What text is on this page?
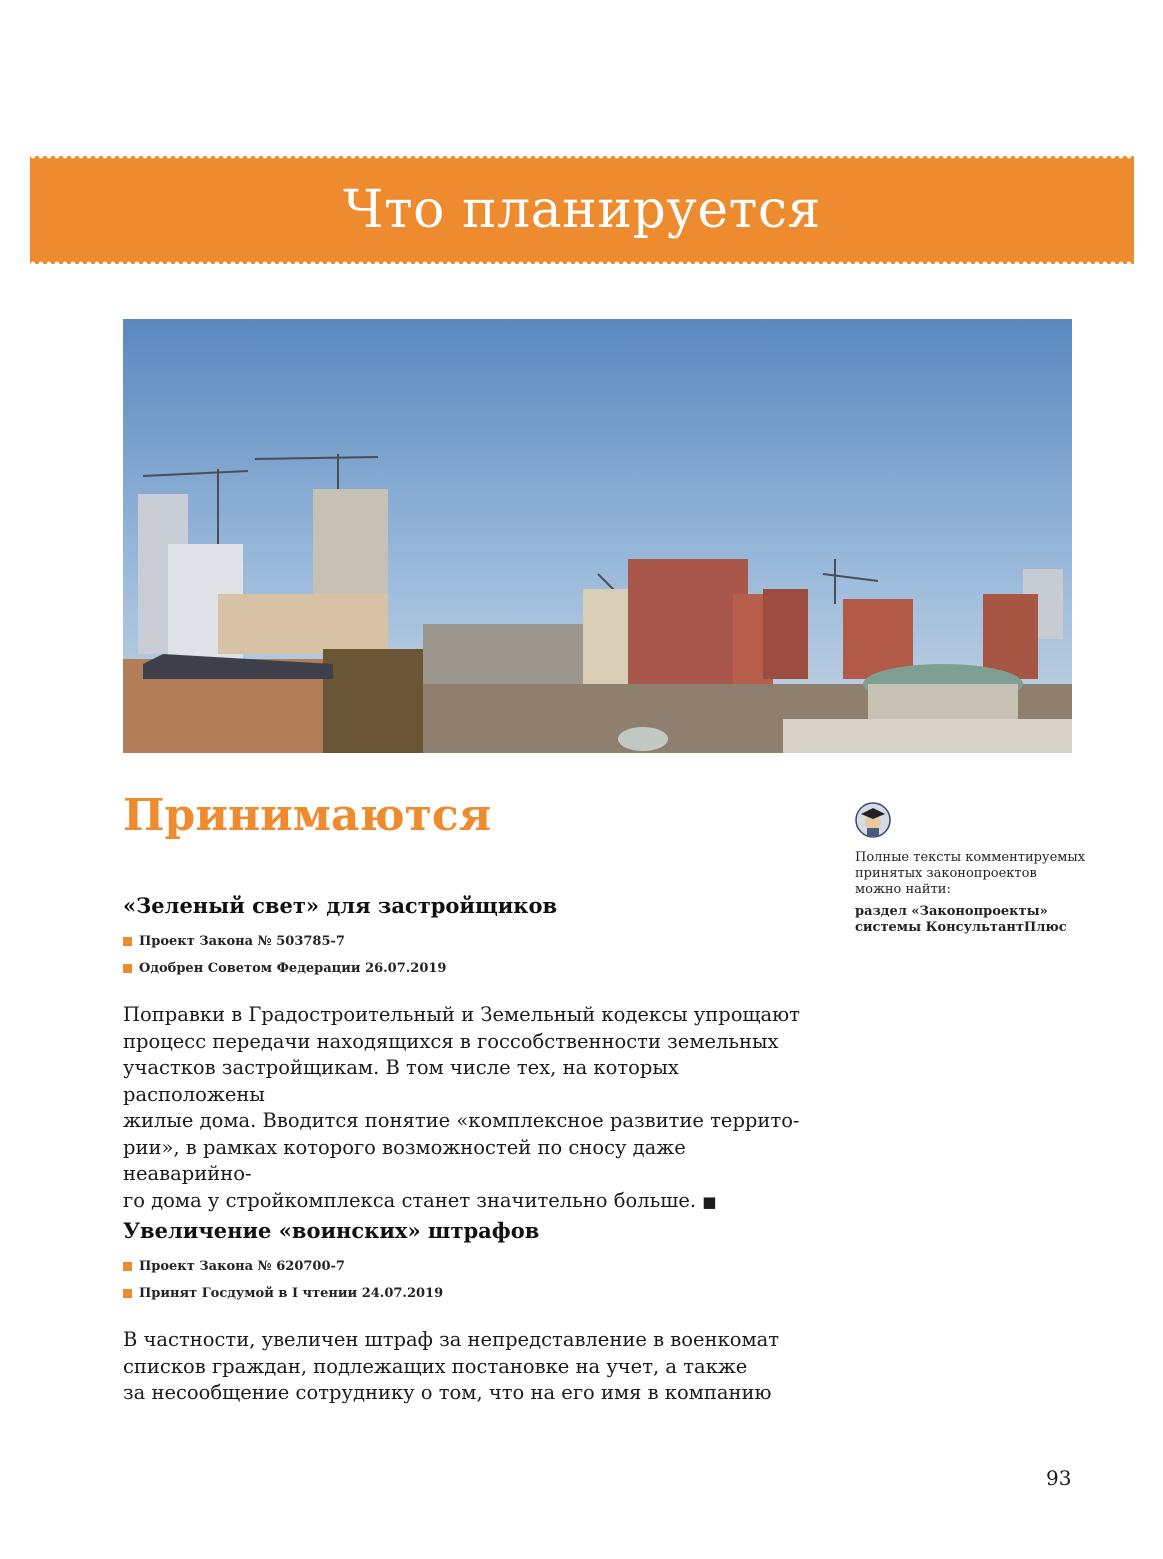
Что планируется
Принимаются
«Зеленый свет» для застройщиков
Проект Закона № 503785-7
Одобрен Советом Федерации 26.07.2019

Поправки в Градостроительный и Земельный кодексы упрощают
процесс передачи находящихся в госсобственности земельных
участков застройщикам. В том числе тех, на которых расположены
жилые дома. Вводится понятие «комплексное развитие террито-
рии», в рамках которого возможностей по сносу даже неаварийно-
го дома у стройкомплекса станет значительно больше. ■

Увеличение «воинских» штрафов
Проект Закона № 620700-7
Принят Госдумой в I чтении 24.07.2019

В частности, увеличен штраф за непредставление в военкомат
списков граждан, подлежащих постановке на учет, а также
за несообщение сотруднику о том, что на его имя в компанию

Полные тексты комментируемых
принятых законопроектов
можно найти:

раздел «Законопроекты»
системы КонсультантПлюс

93
